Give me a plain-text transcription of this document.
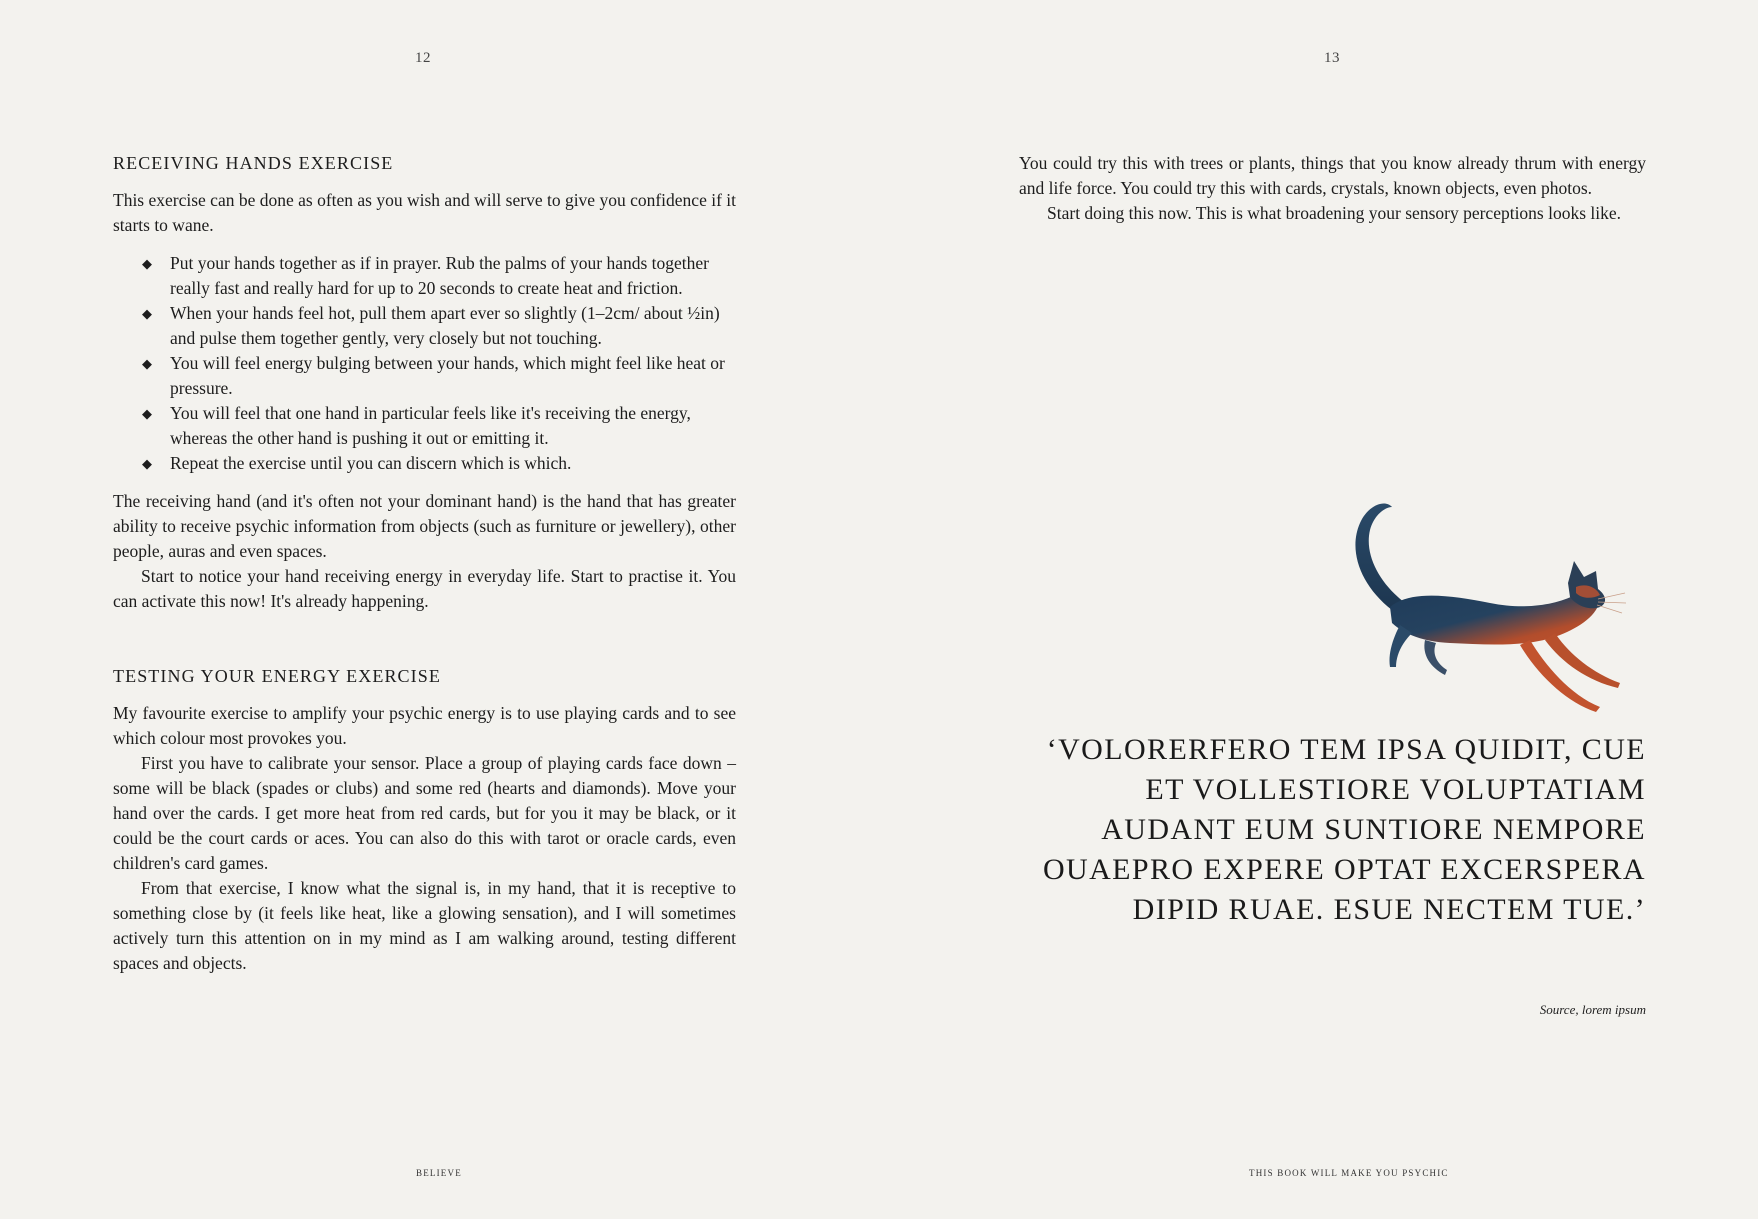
12
RECEIVING HANDS EXERCISE

This exercise can be done as often as you wish and will serve to give you confidence if it starts to wane.

◆ Put your hands together as if in prayer. Rub the palms of your hands together really fast and really hard for up to 20 seconds to create heat and friction.
◆ When your hands feel hot, pull them apart ever so slightly (1–2cm/ about ½in) and pulse them together gently, very closely but not touching.
◆ You will feel energy bulging between your hands, which might feel like heat or pressure.
◆ You will feel that one hand in particular feels like it's receiving the energy, whereas the other hand is pushing it out or emitting it.
◆ Repeat the exercise until you can discern which is which.

The receiving hand (and it's often not your dominant hand) is the hand that has greater ability to receive psychic information from objects (such as furniture or jewellery), other people, auras and even spaces.

Start to notice your hand receiving energy in everyday life. Start to practise it. You can activate this now! It's already happening.

TESTING YOUR ENERGY EXERCISE

My favourite exercise to amplify your psychic energy is to use playing cards and to see which colour most provokes you.

First you have to calibrate your sensor. Place a group of playing cards face down – some will be black (spades or clubs) and some red (hearts and diamonds). Move your hand over the cards. I get more heat from red cards, but for you it may be black, or it could be the court cards or aces. You can also do this with tarot or oracle cards, even children's card games.

From that exercise, I know what the signal is, in my hand, that it is receptive to something close by (it feels like heat, like a glowing sensation), and I will sometimes actively turn this attention on in my mind as I am walking around, testing different spaces and objects.

BELIEVE
13

You could try this with trees or plants, things that you know already thrum with energy and life force. You could try this with cards, crystals, known objects, even photos.

Start doing this now. This is what broadening your sensory perceptions looks like.

‘VOLORERFERO TEM IPSA QUIDIT, CUE ET VOLLESTIORE VOLUPTATIAM AUDANT EUM SUNTIORE NEMPORE OUAEPRO EXPERE OPTAT EXCERSPERA DIPID RUAE. ESUE NECTEM TUE.’
Source, lorem ipsum
THIS BOOK WILL MAKE YOU PSYCHIC
